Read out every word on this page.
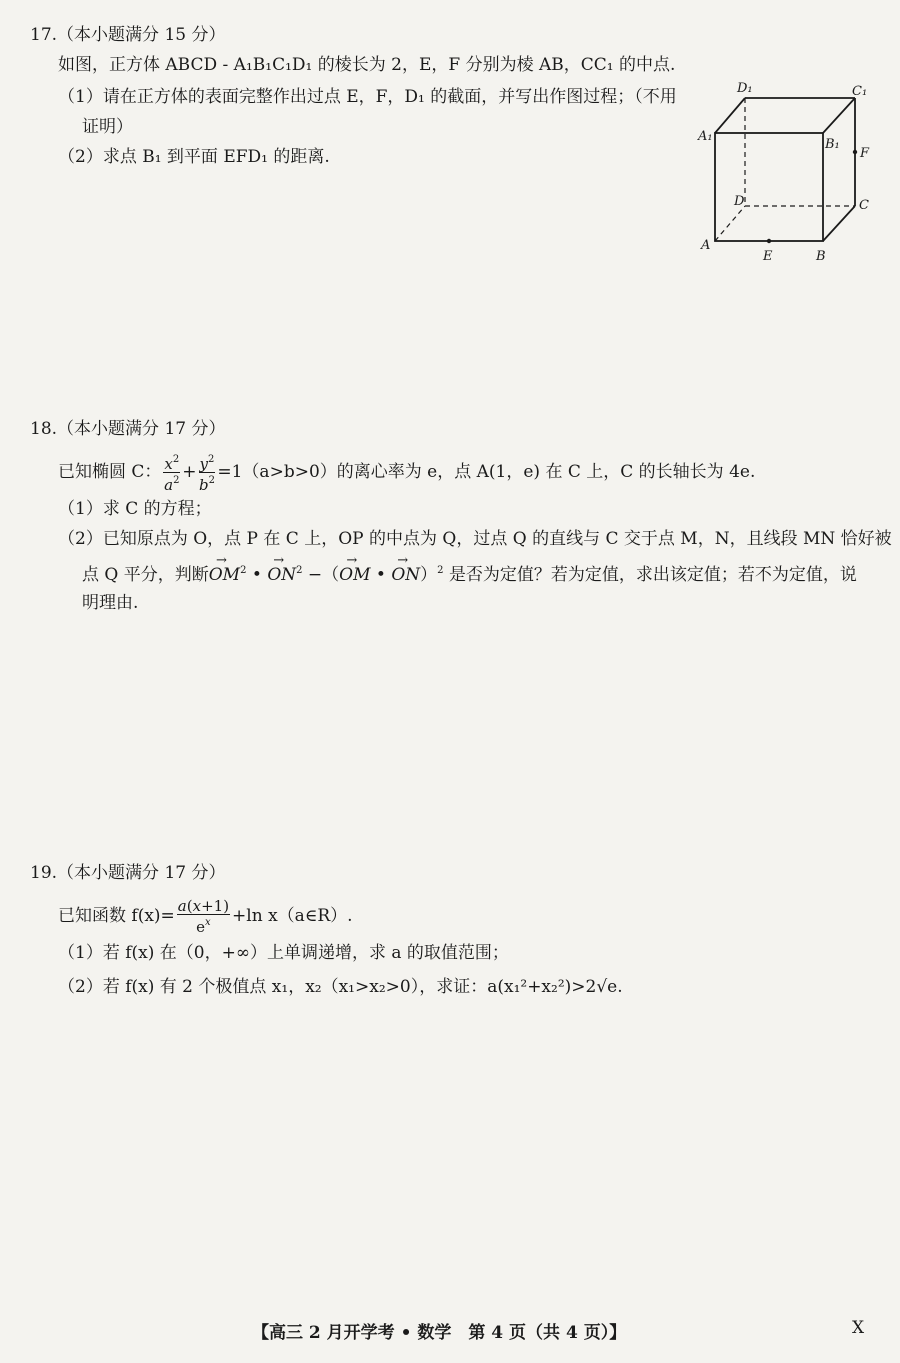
17.（本小题满分 15 分）
如图，正方体 ABCD - A₁B₁C₁D₁ 的棱长为 2，E，F 分别为棱 AB，CC₁ 的中点.
（1）请在正方体的表面完整作出过点 E，F，D₁ 的截面，并写出作图过程；（不用
证明）
（2）求点 B₁ 到平面 EFD₁ 的距离.
D₁	C₁
A₁
B₁
F
D	C
A
E	B
18.（本小题满分 17 分）
已知椭圆 C： $\frac{x^2}{a^2} + \frac{y^2}{b^2} =1(a>b>0)$的离心率为 e，点 A(1，e) 在 C 上，C 的长轴长为 4e.
（1）求 C 的方程；
（2）已知原点为 O，点 P 在 C 上，OP 的中点为 Q，过点 Q 的直线与 C 交于点 M，N，且线段 MN 恰好被
点 Q 平分，判断→ $OM^2$ • → $ON^2$ −（→ OM • → ON）$^2$ 是否为定值？若为定值，求出该定值；若不为定值，说
明理由.
19.（本小题满分 17 分）
已知函数 $f(x)= \frac{a(x+1)}{e^x} +\ln$ x（a∈R）.
（1）若 f(x) 在（0，+∞）上单调递增，求 a 的取值范围；
（2）若 f(x) 有 2 个极值点 x₁，x₂（x₁>x₂>0），求证：a(x₁²+x₂²)>2√e.
【高三 2 月开学考 • 数学　第 4 页（共 4 页）】	X
